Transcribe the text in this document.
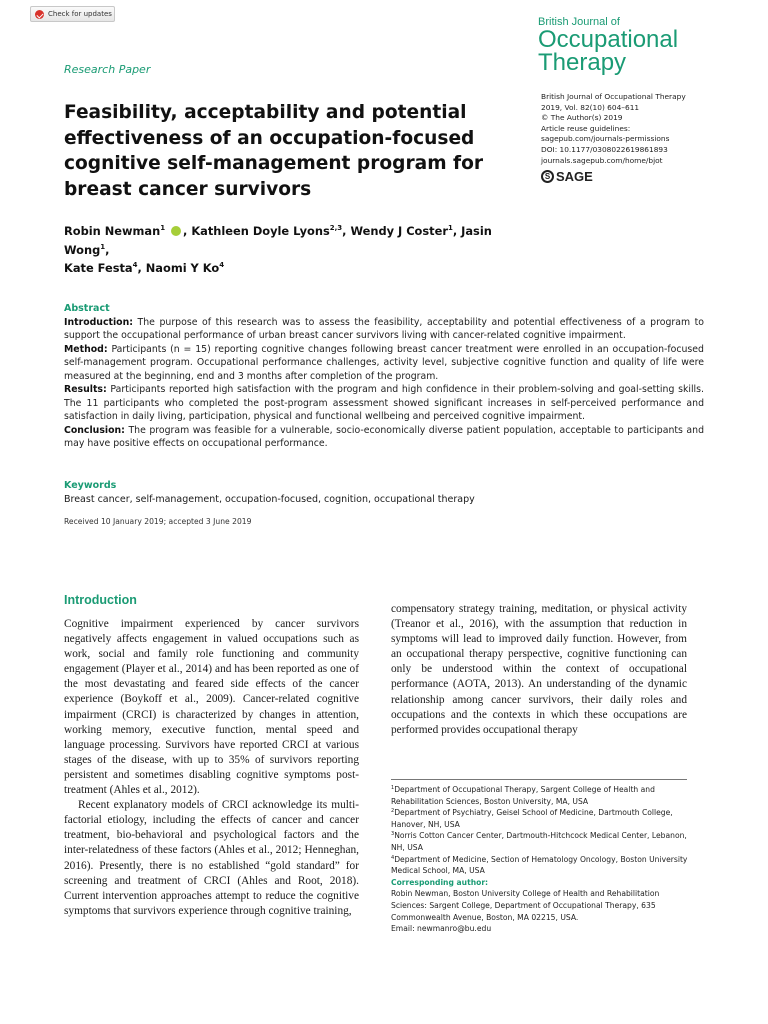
Check for updates
British Journal of
Occupational
Therapy
Research Paper
British Journal of Occupational Therapy
2019, Vol. 82(10) 604–611
© The Author(s) 2019
Article reuse guidelines:
sagepub.com/journals-permissions
DOI: 10.1177/0308022619861893
journals.sagepub.com/home/bjot
S SAGE
Feasibility, acceptability and potential effectiveness of an occupation-focused cognitive self-management program for breast cancer survivors
Robin Newman$^1$ , Kathleen Doyle Lyons$^{2,3}$, Wendy J Coster$^1$, Jasin Wong$^1$,
Kate Festa$^4$, Naomi Y Ko$^4$
Abstract

Introduction: The purpose of this research was to assess the feasibility, acceptability and potential effectiveness of a program to support the occupational performance of urban breast cancer survivors living with cancer-related cognitive impairment.

Method: Participants (n = 15) reporting cognitive changes following breast cancer treatment were enrolled in an occupation-focused self-management program. Occupational performance challenges, activity level, subjective cognitive function and quality of life were measured at the beginning, end and 3 months after completion of the program.

Results: Participants reported high satisfaction with the program and high confidence in their problem-solving and goal-setting skills. The 11 participants who completed the post-program assessment showed significant increases in self-perceived performance and satisfaction in daily living, participation, physical and functional wellbeing and perceived cognitive impairment.

Conclusion: The program was feasible for a vulnerable, socio-economically diverse patient population, acceptable to participants and may have positive effects on occupational performance.

Keywords
Breast cancer, self-management, occupation-focused, cognition, occupational therapy
Received 10 January 2019; accepted 3 June 2019
Introduction

Cognitive impairment experienced by cancer survivors negatively affects engagement in valued occupations such as work, social and family role functioning and community engagement (Player et al., 2014) and has been reported as one of the most devastating and feared side effects of the cancer experience (Boykoff et al., 2009). Cancer-related cognitive impairment (CRCI) is characterized by changes in attention, working memory, executive function, mental speed and language processing. Survivors have reported CRCI at various stages of the disease, with up to 35% of survivors reporting persistent and sometimes disabling cognitive symptoms post-treatment (Ahles et al., 2012).

Recent explanatory models of CRCI acknowledge its multi-factorial etiology, including the effects of cancer and cancer treatment, bio-behavioral and psychological factors and the inter-relatedness of these factors (Ahles et al., 2012; Henneghan, 2016). Presently, there is no established “gold standard” for screening and treatment of CRCI (Ahles and Root, 2018). Current intervention approaches attempt to reduce the cognitive symptoms that survivors experience through cognitive training,

compensatory strategy training, meditation, or physical activity (Treanor et al., 2016), with the assumption that reduction in symptoms will lead to improved daily function. However, from an occupational therapy perspective, cognitive functioning can only be understood within the context of occupational performance (AOTA, 2013). An understanding of the dynamic relationship among cancer survivors, their daily roles and occupations and the contexts in which these occupations are performed provides occupational therapy

$^1$Department of Occupational Therapy, Sargent College of Health and Rehabilitation Sciences, Boston University, MA, USA
$^2$Department of Psychiatry, Geisel School of Medicine, Dartmouth College, Hanover, NH, USA
$^3$Norris Cotton Cancer Center, Dartmouth-Hitchcock Medical Center, Lebanon, NH, USA
$^4$Department of Medicine, Section of Hematology Oncology, Boston University Medical School, MA, USA
Corresponding author:
Robin Newman, Boston University College of Health and Rehabilitation Sciences: Sargent College, Department of Occupational Therapy, 635 Commonwealth Avenue, Boston, MA 02215, USA.
Email: newmanro@bu.edu
